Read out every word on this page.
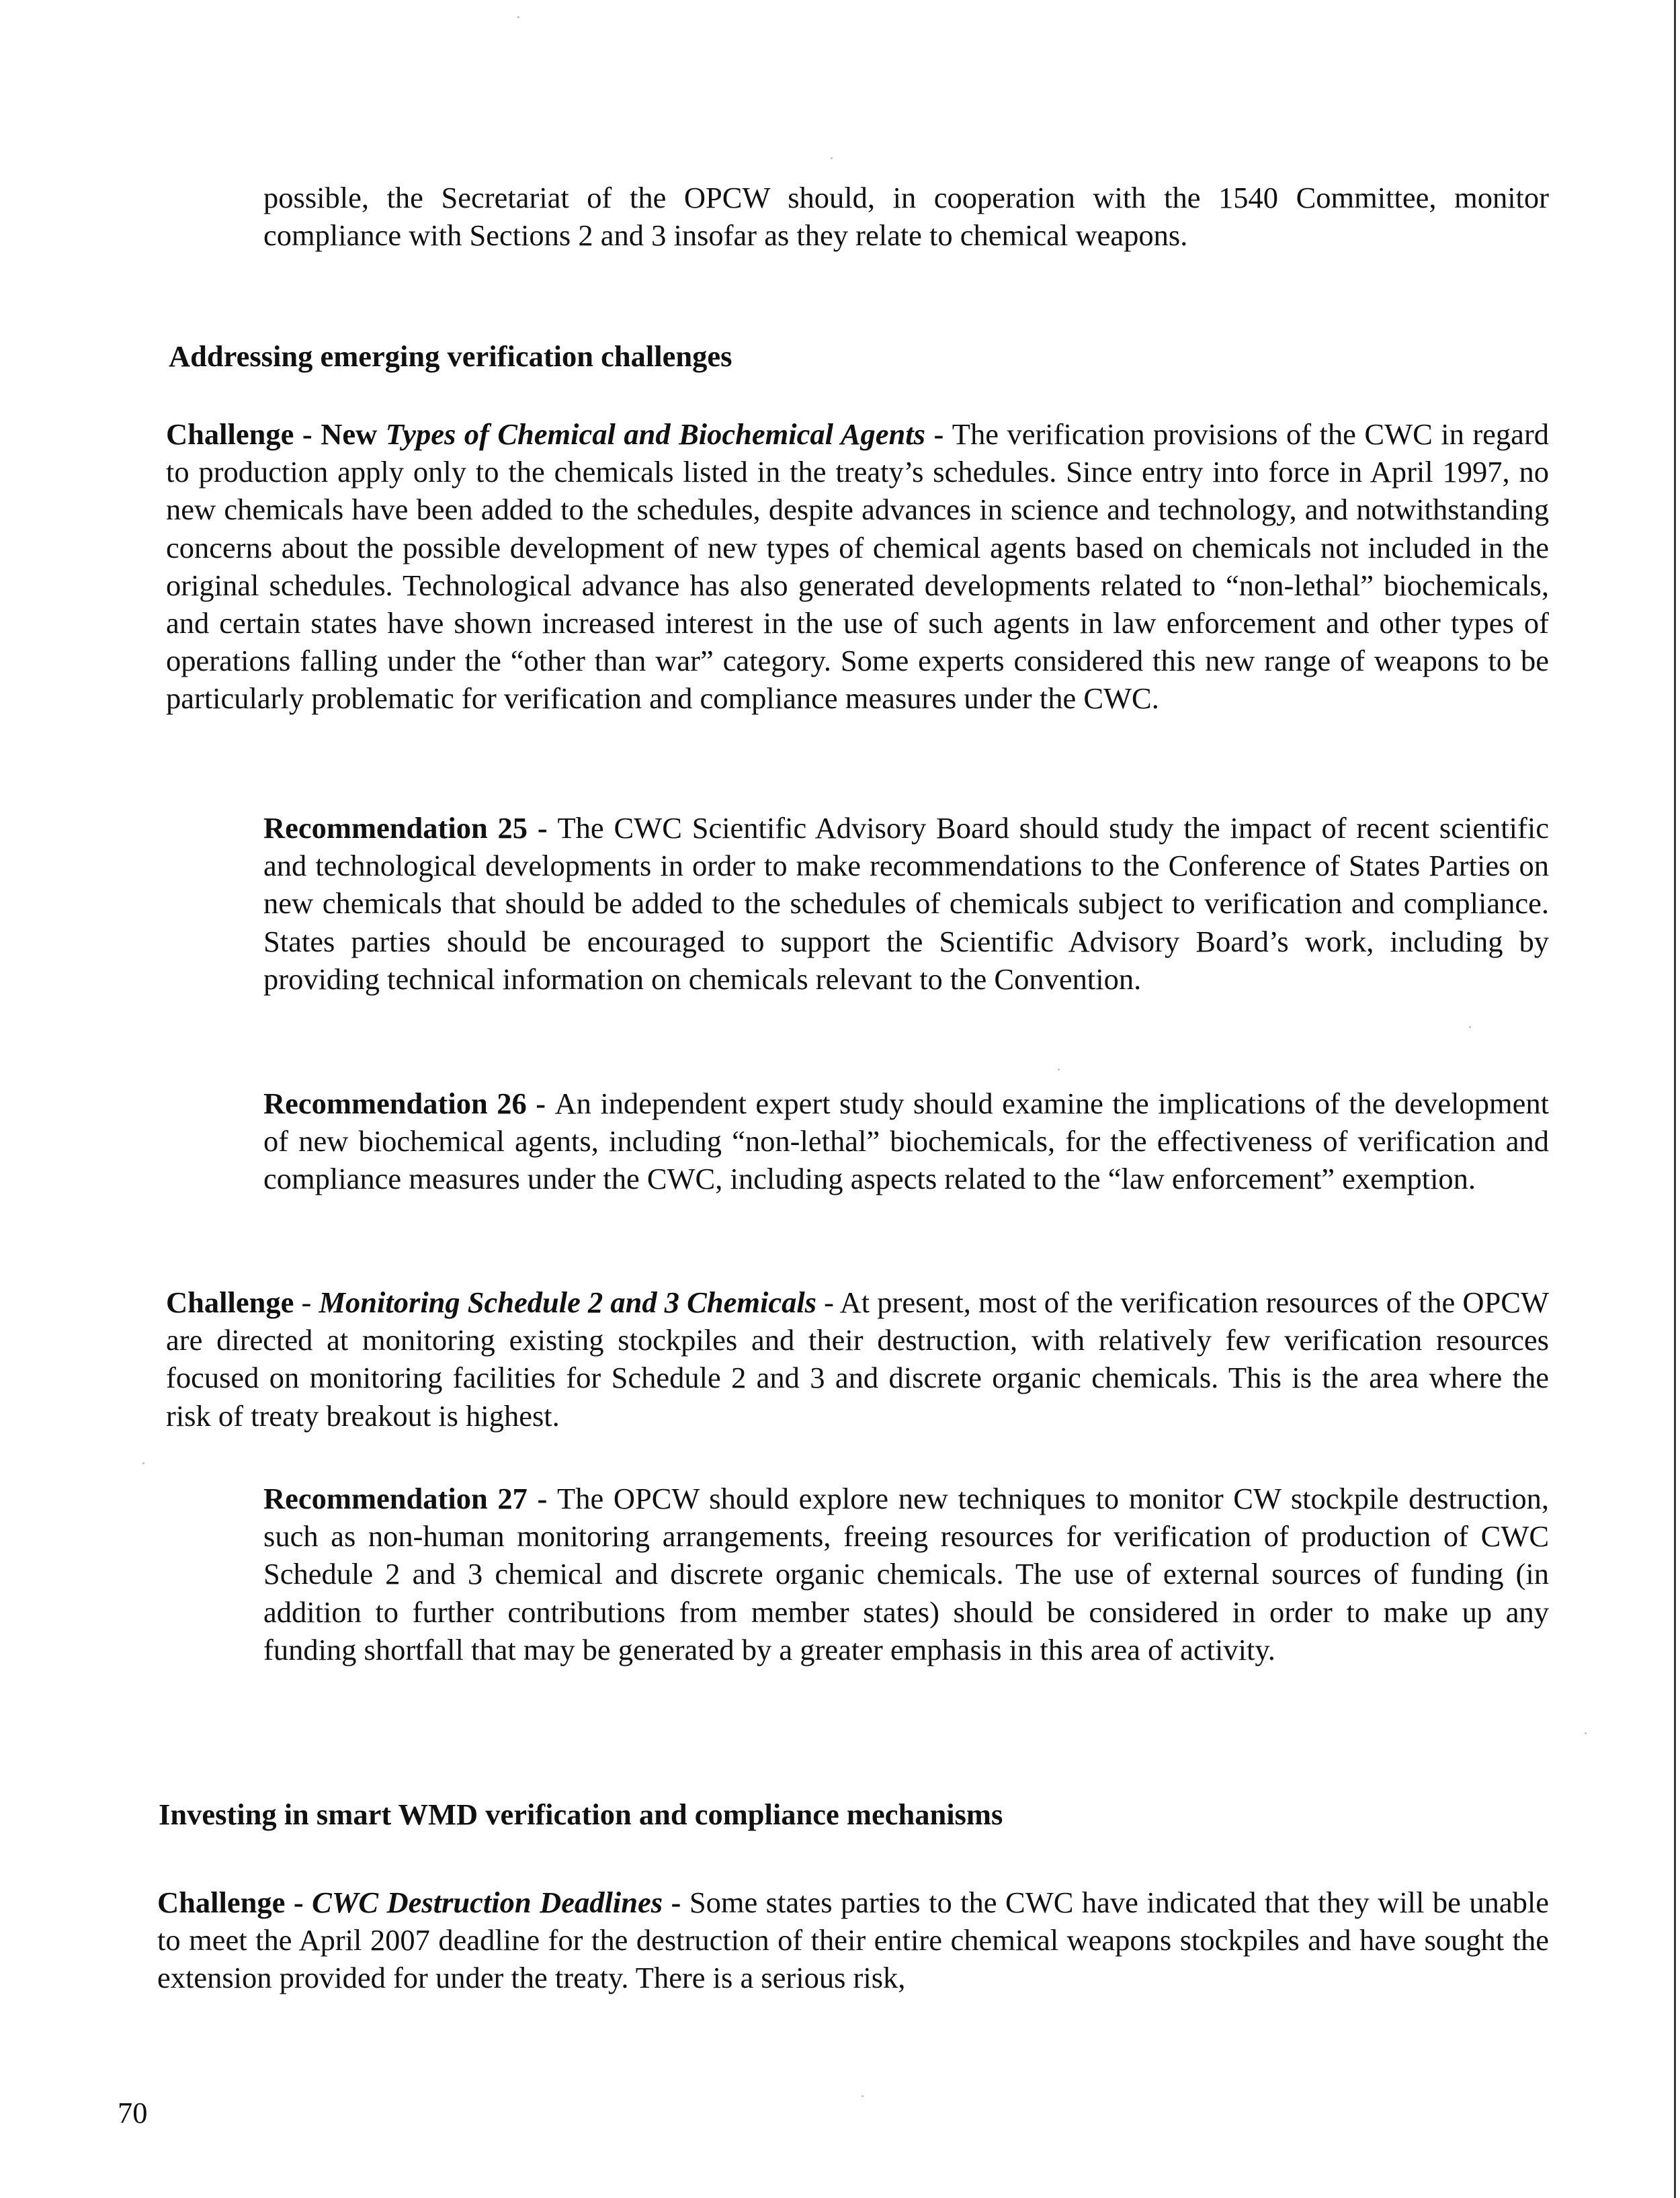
possible, the Secretariat of the OPCW should, in cooperation with the 1540 Committee, monitor compliance with Sections 2 and 3 insofar as they relate to chemical weapons.

Addressing emerging verification challenges

Challenge - New Types of Chemical and Biochemical Agents - The verification provisions of the CWC in regard to production apply only to the chemicals listed in the treaty’s schedules. Since entry into force in April 1997, no new chemicals have been added to the schedules, despite advances in science and technology, and notwithstanding concerns about the possible development of new types of chemical agents based on chemicals not included in the original schedules. Technological advance has also generated developments related to “non-lethal” biochemicals, and certain states have shown increased interest in the use of such agents in law enforcement and other types of operations falling under the “other than war” category. Some experts considered this new range of weapons to be particularly problematic for verification and compliance measures under the CWC.

Recommendation 25 - The CWC Scientific Advisory Board should study the impact of recent scientific and technological developments in order to make recommendations to the Conference of States Parties on new chemicals that should be added to the schedules of chemicals subject to verification and compliance. States parties should be encouraged to support the Scientific Advisory Board’s work, including by providing technical information on chemicals relevant to the Convention.

Recommendation 26 - An independent expert study should examine the implications of the development of new biochemical agents, including “non-lethal” biochemicals, for the effectiveness of verification and compliance measures under the CWC, including aspects related to the “law enforcement” exemption.

Challenge - Monitoring Schedule 2 and 3 Chemicals - At present, most of the verification resources of the OPCW are directed at monitoring existing stockpiles and their destruction, with relatively few verification resources focused on monitoring facilities for Schedule 2 and 3 and discrete organic chemicals. This is the area where the risk of treaty breakout is highest.

Recommendation 27 - The OPCW should explore new techniques to monitor CW stockpile destruction, such as non-human monitoring arrangements, freeing resources for verification of production of CWC Schedule 2 and 3 chemical and discrete organic chemicals. The use of external sources of funding (in addition to further contributions from member states) should be considered in order to make up any funding shortfall that may be generated by a greater emphasis in this area of activity.

Investing in smart WMD verification and compliance mechanisms

Challenge - CWC Destruction Deadlines - Some states parties to the CWC have indicated that they will be unable to meet the April 2007 deadline for the destruction of their entire chemical weapons stockpiles and have sought the extension provided for under the treaty. There is a serious risk,

70
